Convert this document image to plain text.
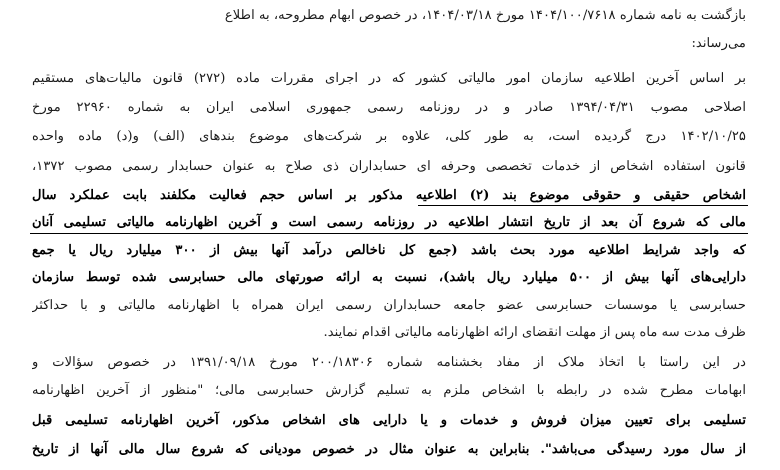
بازگشت به نامه شماره ۱۴۰۴/۱۰۰/۷۶۱۸ مورخ ۱۴۰۴/۰۳/۱۸، در خصوص ابهام مطروحه، به اطلاع
می‌رساند:
بر اساس آخرین اطلاعیه سازمان امور مالیاتی کشور که در اجرای مقررات ماده (۲۷۲) قانون مالیات‌های مستقیم
اصلاحی مصوب ۱۳۹۴/۰۴/۳۱ صادر و در روزنامه رسمی جمهوری اسلامی ایران به شماره ۲۲۹۶۰ مورخ
۱۴۰۲/۱۰/۲۵ درج گردیده است، به طور کلی، علاوه بر شرکت‌های موضوع بندهای (الف) و(د) ماده واحده
قانون استفاده اشخاص از خدمات تخصصی وحرفه ای حسابداران ذی صلاح به عنوان حسابدار رسمی مصوب ۱۳۷۲،
اشخاص حقیقی و حقوقی موضوع بند (۲) اطلاعیه مذکور بر اساس حجم فعالیت مکلفند بابت عملکرد سال
مالی که شروع آن بعد از تاریخ انتشار اطلاعیه در روزنامه رسمی است و آخرین اظهارنامه مالیاتی تسلیمی آنان
که واجد شرایط اطلاعیه مورد بحث باشد (جمع کل ناخالص درآمد آنها بیش از ۳۰۰ میلیارد ریال یا جمع
دارایی‌های آنها بیش از ۵۰۰ میلیارد ریال باشد)، نسبت به ارائه صورتهای مالی حسابرسی شده توسط سازمان
حسابرسی یا موسسات حسابرسی عضو جامعه حسابداران رسمی ایران همراه با اظهارنامه مالیاتی و با حداکثر
ظرف مدت سه ماه پس از مهلت انقضای ارائه اظهارنامه مالیاتی اقدام نمایند.
در این راستا با اتخاذ ملاک از مفاد بخشنامه شماره ۲۰۰/۱۸۳۰۶ مورخ ۱۳۹۱/۰۹/۱۸ در خصوص سؤالات و
ابهامات مطرح شده در رابطه با اشخاص ملزم به تسلیم گزارش حسابرسی مالی؛ "منظور از آخرین اظهارنامه
تسلیمی برای تعیین میزان فروش و خدمات و یا دارایی های اشخاص مذکور، آخرین اظهارنامه تسلیمی قبل
از سال مورد رسیدگی می‌باشد". بنابراین به عنوان مثال در خصوص مودیانی که شروع سال مالی آنها از تاریخ
